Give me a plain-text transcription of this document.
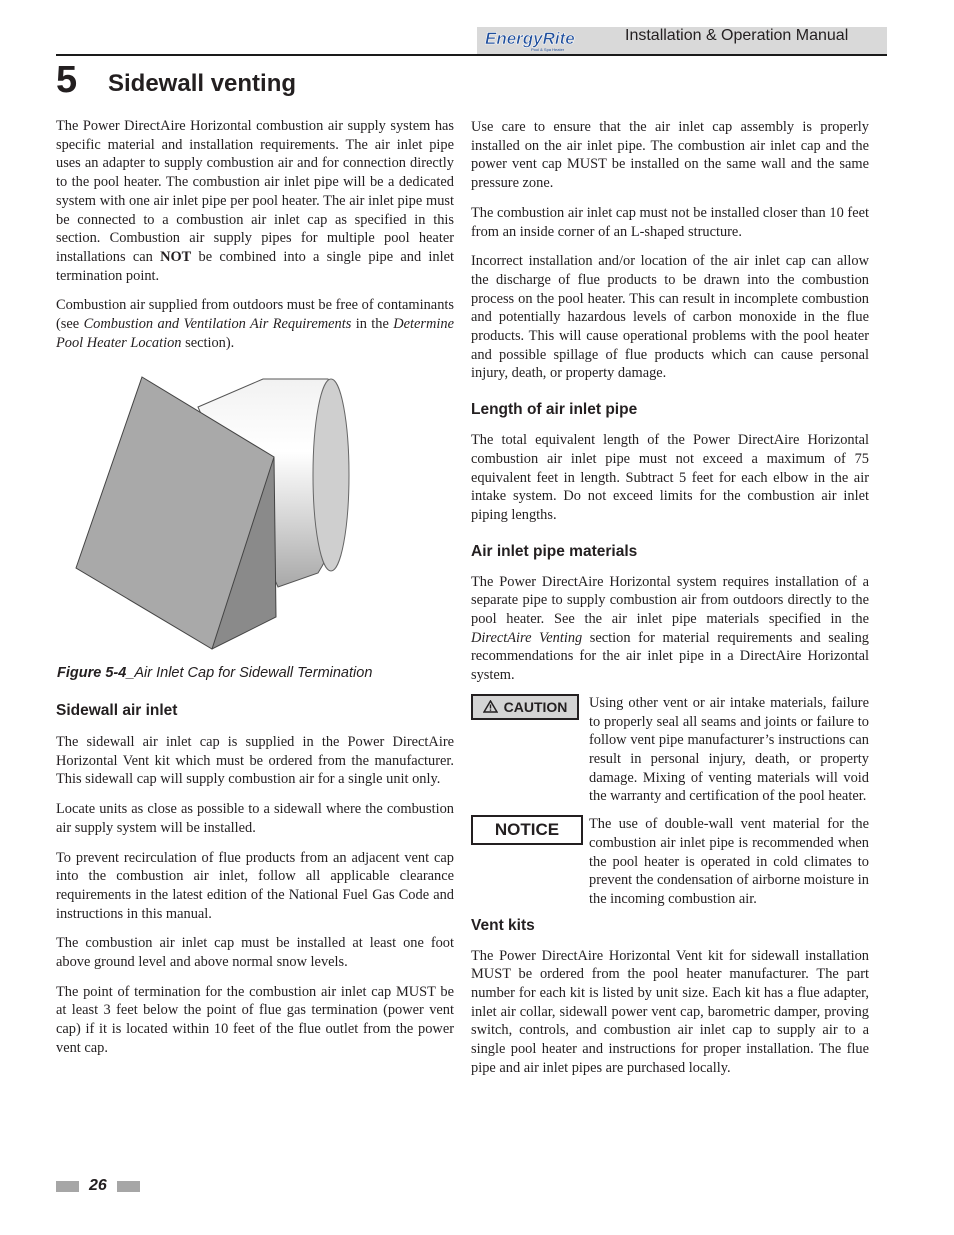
EnergyRite
Pool & Spa Heater
Installation & Operation Manual
5 Sidewall venting

The Power DirectAire Horizontal combustion air supply system has specific material and installation requirements. The air inlet pipe uses an adapter to supply combustion air and for connection directly to the pool heater. The combustion air inlet pipe will be a dedicated system with one air inlet pipe per pool heater. The air inlet pipe must be connected to a combustion air inlet cap as specified in this section. Combustion air supply pipes for multiple pool heater installations can NOT be combined into a single pipe and inlet termination point.

Combustion air supplied from outdoors must be free of contaminants (see Combustion and Ventilation Air Requirements in the Determine Pool Heater Location section).

Figure 5-4_Air Inlet Cap for Sidewall Termination
Sidewall air inlet

The sidewall air inlet cap is supplied in the Power DirectAire Horizontal Vent kit which must be ordered from the manufacturer. This sidewall cap will supply combustion air for a single unit only.

Locate units as close as possible to a sidewall where the combustion air supply system will be installed.

To prevent recirculation of flue products from an adjacent vent cap into the combustion air inlet, follow all applicable clearance requirements in the latest edition of the National Fuel Gas Code and instructions in this manual.

The combustion air inlet cap must be installed at least one foot above ground level and above normal snow levels.

The point of termination for the combustion air inlet cap MUST be at least 3 feet below the point of flue gas termination (power vent cap) if it is located within 10 feet of the flue outlet from the power vent cap.

Use care to ensure that the air inlet cap assembly is properly installed on the air inlet pipe. The combustion air inlet cap and the power vent cap MUST be installed on the same wall and the same pressure zone.

The combustion air inlet cap must not be installed closer than 10 feet from an inside corner of an L-shaped structure.

Incorrect installation and/or location of the air inlet cap can allow the discharge of flue products to be drawn into the combustion process on the pool heater. This can result in incomplete combustion and potentially hazardous levels of carbon monoxide in the flue products. This will cause operational problems with the pool heater and possible spillage of flue products which can cause personal injury, death, or property damage.

Length of air inlet pipe

The total equivalent length of the Power DirectAire Horizontal combustion air inlet pipe must not exceed a maximum of 75 equivalent feet in length. Subtract 5 feet for each elbow in the air intake system. Do not exceed limits for the combustion air inlet piping lengths.

Air inlet pipe materials

The Power DirectAire Horizontal system requires installation of a separate pipe to supply combustion air from outdoors directly to the pool heater. See the air inlet pipe materials specified in the DirectAire Venting section for material requirements and sealing recommendations for the air inlet pipe in a DirectAire Horizontal system.

CAUTION Using other vent or air intake materials, failure to properly seal all seams and joints or failure to follow vent pipe manufacturer’s instructions can result in personal injury, death, or property damage. Mixing of venting materials will void the warranty and certification of the pool heater.

NOTICE	The use of double-wall vent material for the combustion air inlet pipe is recommended when the pool heater is operated in cold climates to prevent the condensation of airborne moisture in the incoming combustion air.

Vent kits

The Power DirectAire Horizontal Vent kit for sidewall installation MUST be ordered from the pool heater manufacturer. The part number for each kit is listed by unit size. Each kit has a flue adapter, inlet air collar, sidewall power vent cap, barometric damper, proving switch, controls, and combustion air inlet cap to supply air to a single pool heater and instructions for proper installation. The flue pipe and air inlet pipes are purchased locally.

26
